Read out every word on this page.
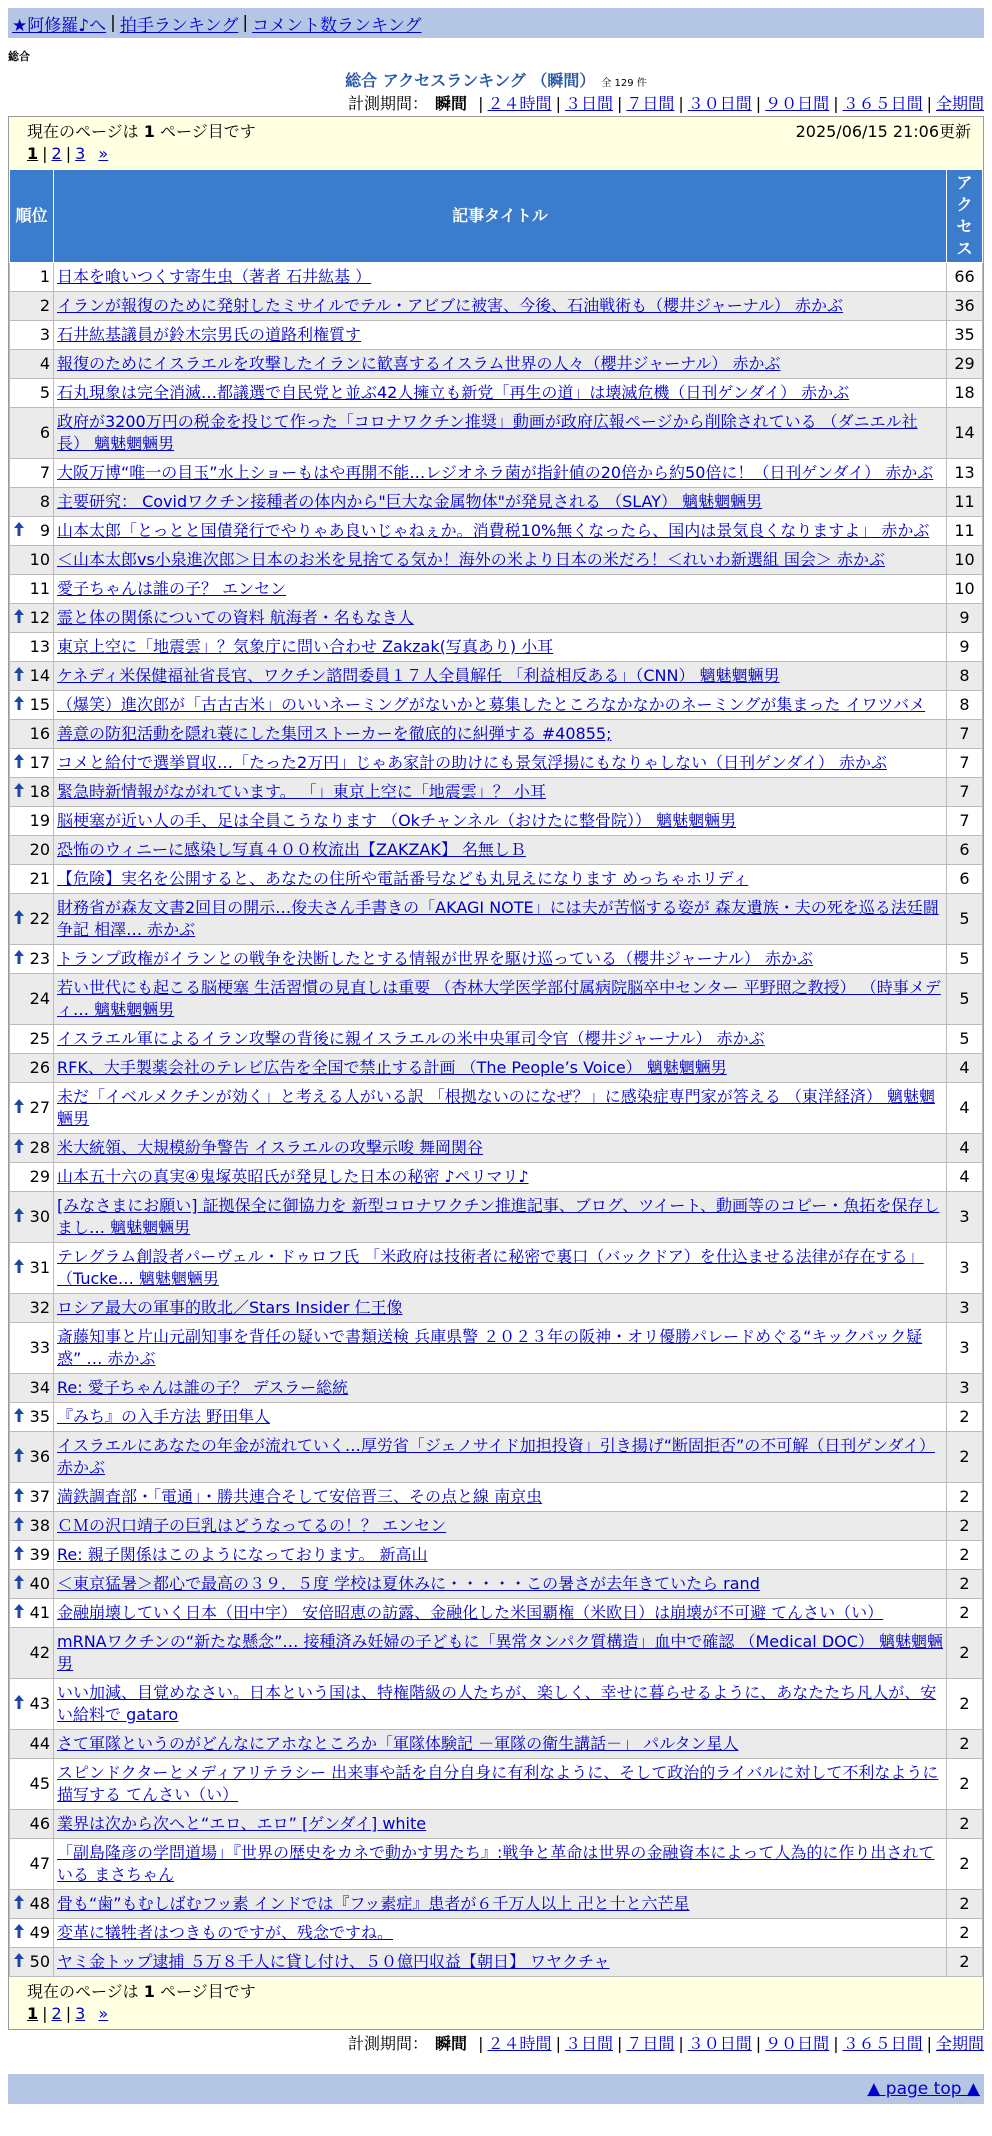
★阿修羅♪へ | 拍手ランキング | コメント数ランキング
総合
総合 アクセスランキング （瞬間） 全 129 件
計測期間： 瞬間 | ２４時間 | ３日間 | ７日間 | ３０日間 | ９０日間 | ３６５日間 | 全期間
現在のページは 1 ページ目です	2025/06/15 21:06更新
1 | 2 | 3 »
順位	記事タイトル	アクセス
1	日本を喰いつくす寄生虫（著者 石井紘基 ）	66
2	イランが報復のために発射したミサイルでテル・アビブに被害、今後、石油戦術も（櫻井ジャーナル） 赤かぶ	36
3	石井紘基議員が鈴木宗男氏の道路利権質す	35
4	報復のためにイスラエルを攻撃したイランに歓喜するイスラム世界の人々（櫻井ジャーナル） 赤かぶ	29
5	石丸現象は完全消滅…都議選で自民党と並ぶ42人擁立も新党「再生の道」は壊滅危機（日刊ゲンダイ） 赤かぶ	18
6	政府が3200万円の税金を投じて作った「コロナワクチン推奨」動画が政府広報ページから削除されている （ダニエル社長） 魑魅魍魎男	14
7	大阪万博“唯一の目玉”水上ショーもはや再開不能…レジオネラ菌が指針値の20倍から約50倍に！（日刊ゲンダイ） 赤かぶ	13
8	主要研究： Covidワクチン接種者の体内から"巨大な金属物体"が発見される （SLAY） 魑魅魍魎男	11

9	山本太郎「とっとと国債発行でやりゃあ良いじゃねぇか。消費税10%無くなったら、国内は景気良くなりますよ」 赤かぶ	11
10	＜山本太郎vs小泉進次郎＞日本のお米を見捨てる気か！海外の米より日本の米だろ！＜れいわ新選組 国会＞ 赤かぶ	10
11	愛子ちゃんは誰の子？ エンセン	10

12	霊と体の関係についての資料 航海者・名もなき人	9
13	東京上空に「地震雲」？気象庁に問い合わせ Zakzak(写真あり) 小耳	9

14	ケネディ米保健福祉省長官、ワクチン諮問委員１７人全員解任 「利益相反ある」（CNN） 魑魅魍魎男	8

15	（爆笑）進次郎が「古古古米」のいいネーミングがないかと募集したところなかなかのネーミングが集まった イワツバメ	8
16	善意の防犯活動を隠れ蓑にした集団ストーカーを徹底的に糾弾する #40855;	7

17	コメと給付で選挙買収…「たった2万円」じゃあ家計の助けにも景気浮揚にもなりゃしない（日刊ゲンダイ） 赤かぶ	7

18	緊急時新情報がながれています。 「」東京上空に「地震雲」？ 小耳	7
19	脳梗塞が近い人の手、足は全員こうなります （Okチャンネル（おけたに整骨院）） 魑魅魍魎男	7
20	恐怖のウィニーに感染し写真４００枚流出【ZAKZAK】 名無しＢ	6
21	【危険】実名を公開すると、あなたの住所や電話番号なども丸見えになります めっちゃホリディ	6

22	財務省が森友文書2回目の開示…俊夫さん手書きの「AKAGI NOTE」には夫が苦悩する姿が 森友遺族・夫の死を巡る法廷闘争記 相澤… 赤かぶ	5

23	トランプ政権がイランとの戦争を決断したとする情報が世界を駆け巡っている（櫻井ジャーナル） 赤かぶ	5
24	若い世代にも起こる脳梗塞 生活習慣の見直しは重要 （杏林大学医学部付属病院脳卒中センター 平野照之教授） （時事メディ… 魑魅魍魎男	5
25	イスラエル軍によるイラン攻撃の背後に親イスラエルの米中央軍司令官（櫻井ジャーナル） 赤かぶ	5
26	RFK、大手製薬会社のテレビ広告を全国で禁止する計画 （The People’s Voice） 魑魅魍魎男	4

27	未だ「イベルメクチンが効く」と考える人がいる訳 「根拠ないのになぜ？」に感染症専門家が答える （東洋経済） 魑魅魍魎男	4

28	米大統領、大規模紛争警告 イスラエルの攻撃示唆 舞岡関谷	4
29	山本五十六の真実④鬼塚英昭氏が発見した日本の秘密 ♪ペリマリ♪	4

30	[みなさまにお願い] 証拠保全に御協力を 新型コロナワクチン推進記事、ブログ、ツイート、動画等のコピー・魚拓を保存しまし… 魑魅魍魎男	3

31	テレグラム創設者パーヴェル・ドゥロフ氏 「米政府は技術者に秘密で裏口（バックドア）を仕込ませる法律が存在する」 （Tucke… 魑魅魍魎男	3
32	ロシア最大の軍事的敗北／Stars Insider 仁王像	3
33	斎藤知事と片山元副知事を背任の疑いで書類送検 兵庫県警 ２０２３年の阪神・オリ優勝パレードめぐる“キックバック疑惑” … 赤かぶ	3
34	Re: 愛子ちゃんは誰の子？ デスラー総統	3

35	『みち』の入手方法 野田隼人	2

36	イスラエルにあなたの年金が流れていく…厚労省「ジェノサイド加担投資」引き揚げ“断固拒否”の不可解（日刊ゲンダイ） 赤かぶ	2

37	満鉄調査部・「電通」・勝共連合そして安倍晋三、その点と線 南京虫	2

38	ＣＭの沢口靖子の巨乳はどうなってるの！？ エンセン	2

39	Re: 親子関係はこのようになっております。 新高山	2

40	＜東京猛暑＞都心で最高の３９．５度 学校は夏休みに・・・・・この暑さが去年きていたら rand	2

41	金融崩壊していく日本（田中宇） 安倍昭恵の訪露、金融化した米国覇権（米欧日）は崩壊が不可避 てんさい（い）	2
42	mRNAワクチンの“新たな懸念”… 接種済み妊婦の子どもに「異常タンパク質構造」血中で確認 （Medical DOC） 魑魅魍魎男	2

43	いい加減、目覚めなさい。日本という国は、特権階級の人たちが、楽しく、幸せに暮らせるように、あなたたち凡人が、安い給料で gataro	2
44	さて軍隊というのがどんなにアホなところか「軍隊体験記 －軍隊の衛生講話－」 パルタン星人	2
45	スピンドクターとメディアリテラシー 出来事や話を自分自身に有利なように、そして政治的ライバルに対して不利なように描写する てんさい（い）	2
46	業界は次から次へと“エロ、エロ” [ゲンダイ] white	2
47	「副島隆彦の学問道場」『世界の歴史をカネで動かす男たち』:戦争と革命は世界の金融資本によって人為的に作り出されている まさちゃん	2

48	骨も“歯”もむしばむフッ素 インドでは『フッ素症』患者が６千万人以上 卍と十と六芒星	2

49	変革に犠牲者はつきものですが、残念ですね。	2

50	ヤミ金トップ逮捕 ５万８千人に貸し付け、５０億円収益【朝日】 ワヤクチャ	2
現在のページは 1 ページ目です
1 | 2 | 3 »
計測期間： 瞬間 | ２４時間 | ３日間 | ７日間 | ３０日間 | ９０日間 | ３６５日間 | 全期間
▲ page top ▲
